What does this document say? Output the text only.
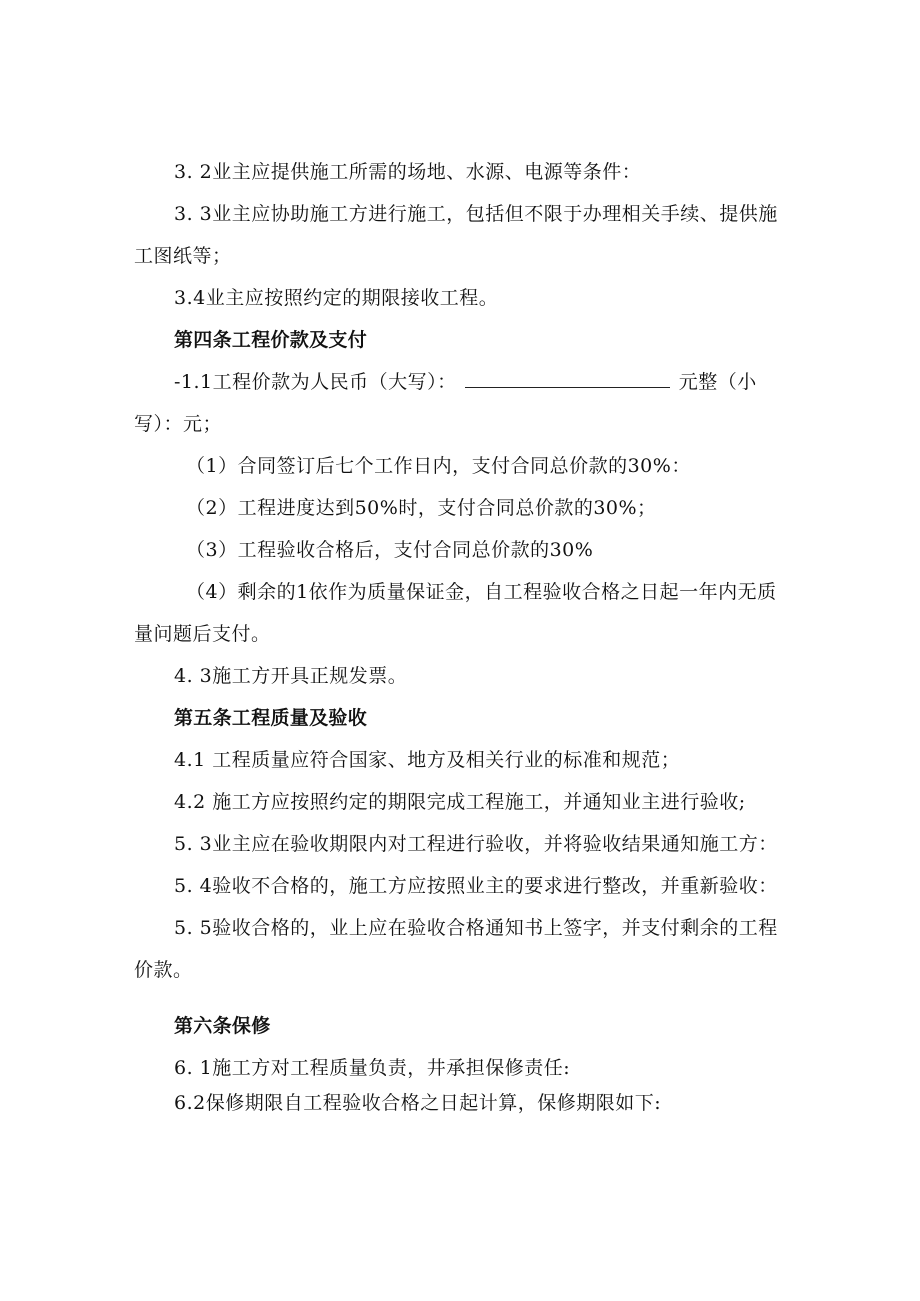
3. 2业主应提供施工所需的场地、水源、电源等条件：
3. 3业主应协助施工方进行施工，包括但不限于办理相关手续、提供施
工图纸等；
3.4业主应按照约定的期限接收工程。
第四条工程价款及支付
-1.1工程价款为人民币（大写）：	元整（小
写）：元；
（1）合同签订后七个工作日内，支付合同总价款的30%：
（2）工程进度达到50%时，支付合同总价款的30%；
（3）工程验收合格后，支付合同总价款的30%
（4）剩余的1依作为质量保证金，自工程验收合格之日起一年内无质
量问题后支付。
4. 3施工方开具正规发票。
第五条工程质量及验收
4.1 工程质量应符合国家、地方及相关行业的标准和规范；
4.2 施工方应按照约定的期限完成工程施工，并通知业主进行验收;
5. 3业主应在验收期限内对工程进行验收，并将验收结果通知施工方：
5. 4验收不合格的，施工方应按照业主的要求进行整改，并重新验收：
5. 5验收合格的，业上应在验收合格通知书上签字，并支付剩余的工程
价款。
第六条保修
6. 1施工方对工程质量负责，井承担保修责任:
6.2保修期限自工程验收合格之日起计算，保修期限如下:
